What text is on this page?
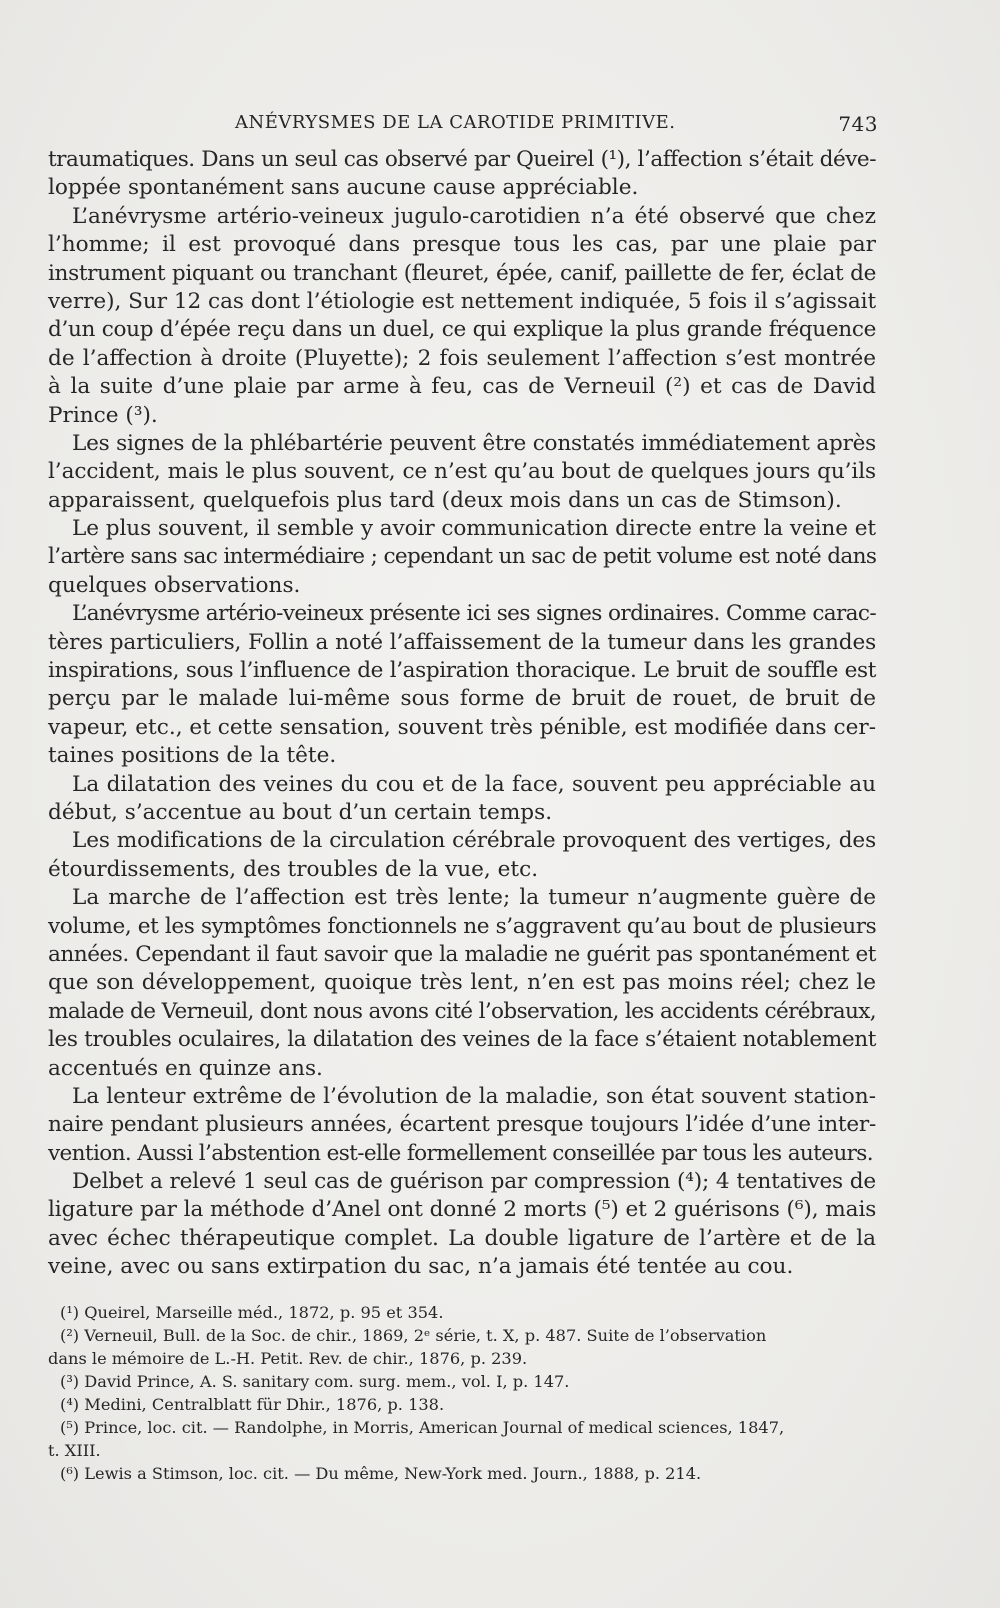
ANÉVRYSMES DE LA CAROTIDE PRIMITIVE.	743
traumatiques. Dans un seul cas observé par Queirel (¹), l’affection s’était déve-
loppée spontanément sans aucune cause appréciable.
L’anévrysme artério-veineux jugulo-carotidien n’a été observé que chez
l’homme; il est provoqué dans presque tous les cas, par une plaie par
instrument piquant ou tranchant (fleuret, épée, canif, paillette de fer, éclat de
verre), Sur 12 cas dont l’étiologie est nettement indiquée, 5 fois il s’agissait
d’un coup d’épée reçu dans un duel, ce qui explique la plus grande fréquence
de l’affection à droite (Pluyette); 2 fois seulement l’affection s’est montrée
à la suite d’une plaie par arme à feu, cas de Verneuil (²) et cas de David
Prince (³).
Les signes de la phlébartérie peuvent être constatés immédiatement après
l’accident, mais le plus souvent, ce n’est qu’au bout de quelques jours qu’ils
apparaissent, quelquefois plus tard (deux mois dans un cas de Stimson).
Le plus souvent, il semble y avoir communication directe entre la veine et
l’artère sans sac intermédiaire ; cependant un sac de petit volume est noté dans
quelques observations.
L’anévrysme artério-veineux présente ici ses signes ordinaires. Comme carac-
tères particuliers, Follin a noté l’affaissement de la tumeur dans les grandes
inspirations, sous l’influence de l’aspiration thoracique. Le bruit de souffle est
perçu par le malade lui-même sous forme de bruit de rouet, de bruit de
vapeur, etc., et cette sensation, souvent très pénible, est modifiée dans cer-
taines positions de la tête.
La dilatation des veines du cou et de la face, souvent peu appréciable au
début, s’accentue au bout d’un certain temps.
Les modifications de la circulation cérébrale provoquent des vertiges, des
étourdissements, des troubles de la vue, etc.
La marche de l’affection est très lente; la tumeur n’augmente guère de
volume, et les symptômes fonctionnels ne s’aggravent qu’au bout de plusieurs
années. Cependant il faut savoir que la maladie ne guérit pas spontanément et
que son développement, quoique très lent, n’en est pas moins réel; chez le
malade de Verneuil, dont nous avons cité l’observation, les accidents cérébraux,
les troubles oculaires, la dilatation des veines de la face s’étaient notablement
accentués en quinze ans.
La lenteur extrême de l’évolution de la maladie, son état souvent station-
naire pendant plusieurs années, écartent presque toujours l’idée d’une inter-
vention. Aussi l’abstention est-elle formellement conseillée par tous les auteurs.
Delbet a relevé 1 seul cas de guérison par compression (⁴); 4 tentatives de
ligature par la méthode d’Anel ont donné 2 morts (⁵) et 2 guérisons (⁶), mais
avec échec thérapeutique complet. La double ligature de l’artère et de la
veine, avec ou sans extirpation du sac, n’a jamais été tentée au cou.
(¹) Queirel, Marseille méd., 1872, p. 95 et 354.
(²) Verneuil, Bull. de la Soc. de chir., 1869, 2ᵉ série, t. X, p. 487. Suite de l’observation
dans le mémoire de L.-H. Petit. Rev. de chir., 1876, p. 239.
(³) David Prince, A. S. sanitary com. surg. mem., vol. I, p. 147.
(⁴) Medini, Centralblatt für Dhir., 1876, p. 138.
(⁵) Prince, loc. cit. — Randolphe, in Morris, American Journal of medical sciences, 1847,
t. XIII.
(⁶) Lewis a Stimson, loc. cit. — Du même, New-York med. Journ., 1888, p. 214.
